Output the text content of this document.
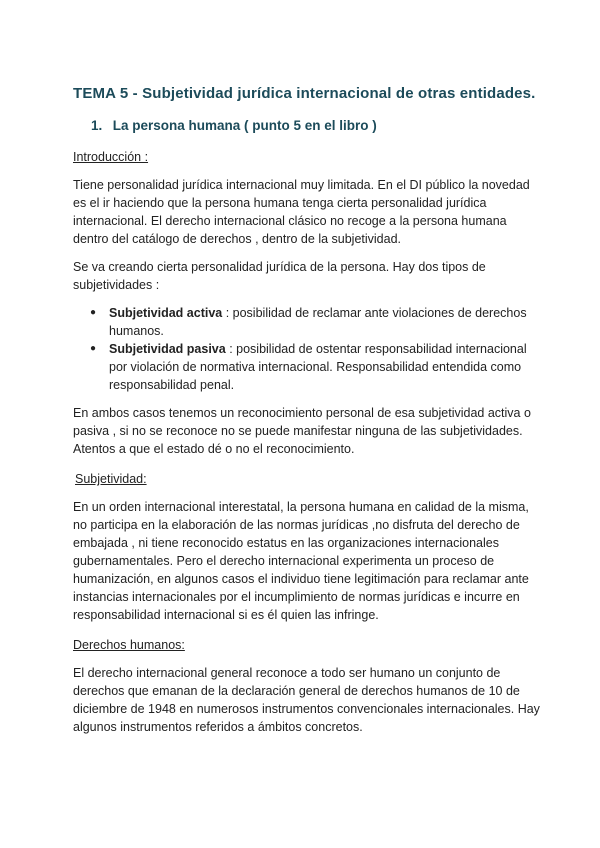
TEMA 5 - Subjetividad jurídica internacional de otras entidades.
1. La persona humana ( punto 5 en el libro )
Introducción :

Tiene personalidad jurídica internacional muy limitada. En el DI público la novedad es el ir haciendo que la persona humana tenga cierta personalidad jurídica internacional. El derecho internacional clásico no recoge a la persona humana dentro del catálogo de derechos , dentro de la subjetividad.

Se va creando cierta personalidad jurídica de la persona. Hay dos tipos de subjetividades :

● Subjetividad activa : posibilidad de reclamar ante violaciones de derechos humanos.
● Subjetividad pasiva : posibilidad de ostentar responsabilidad internacional por violación de normativa internacional. Responsabilidad entendida como responsabilidad penal.

En ambos casos tenemos un reconocimiento personal de esa subjetividad activa o pasiva , si no se reconoce no se puede manifestar ninguna de las subjetividades. Atentos a que el estado dé o no el reconocimiento.

Subjetividad:

En un orden internacional interestatal, la persona humana en calidad de la misma, no participa en la elaboración de las normas jurídicas ,no disfruta del derecho de embajada , ni tiene reconocido estatus en las organizaciones internacionales gubernamentales. Pero el derecho internacional experimenta un proceso de humanización, en algunos casos el individuo tiene legitimación para reclamar ante instancias internacionales por el incumplimiento de normas jurídicas e incurre en responsabilidad internacional si es él quien las infringe.

Derechos humanos:

El derecho internacional general reconoce a todo ser humano un conjunto de derechos que emanan de la declaración general de derechos humanos de 10 de diciembre de 1948 en numerosos instrumentos convencionales internacionales. Hay algunos instrumentos referidos a ámbitos concretos.
